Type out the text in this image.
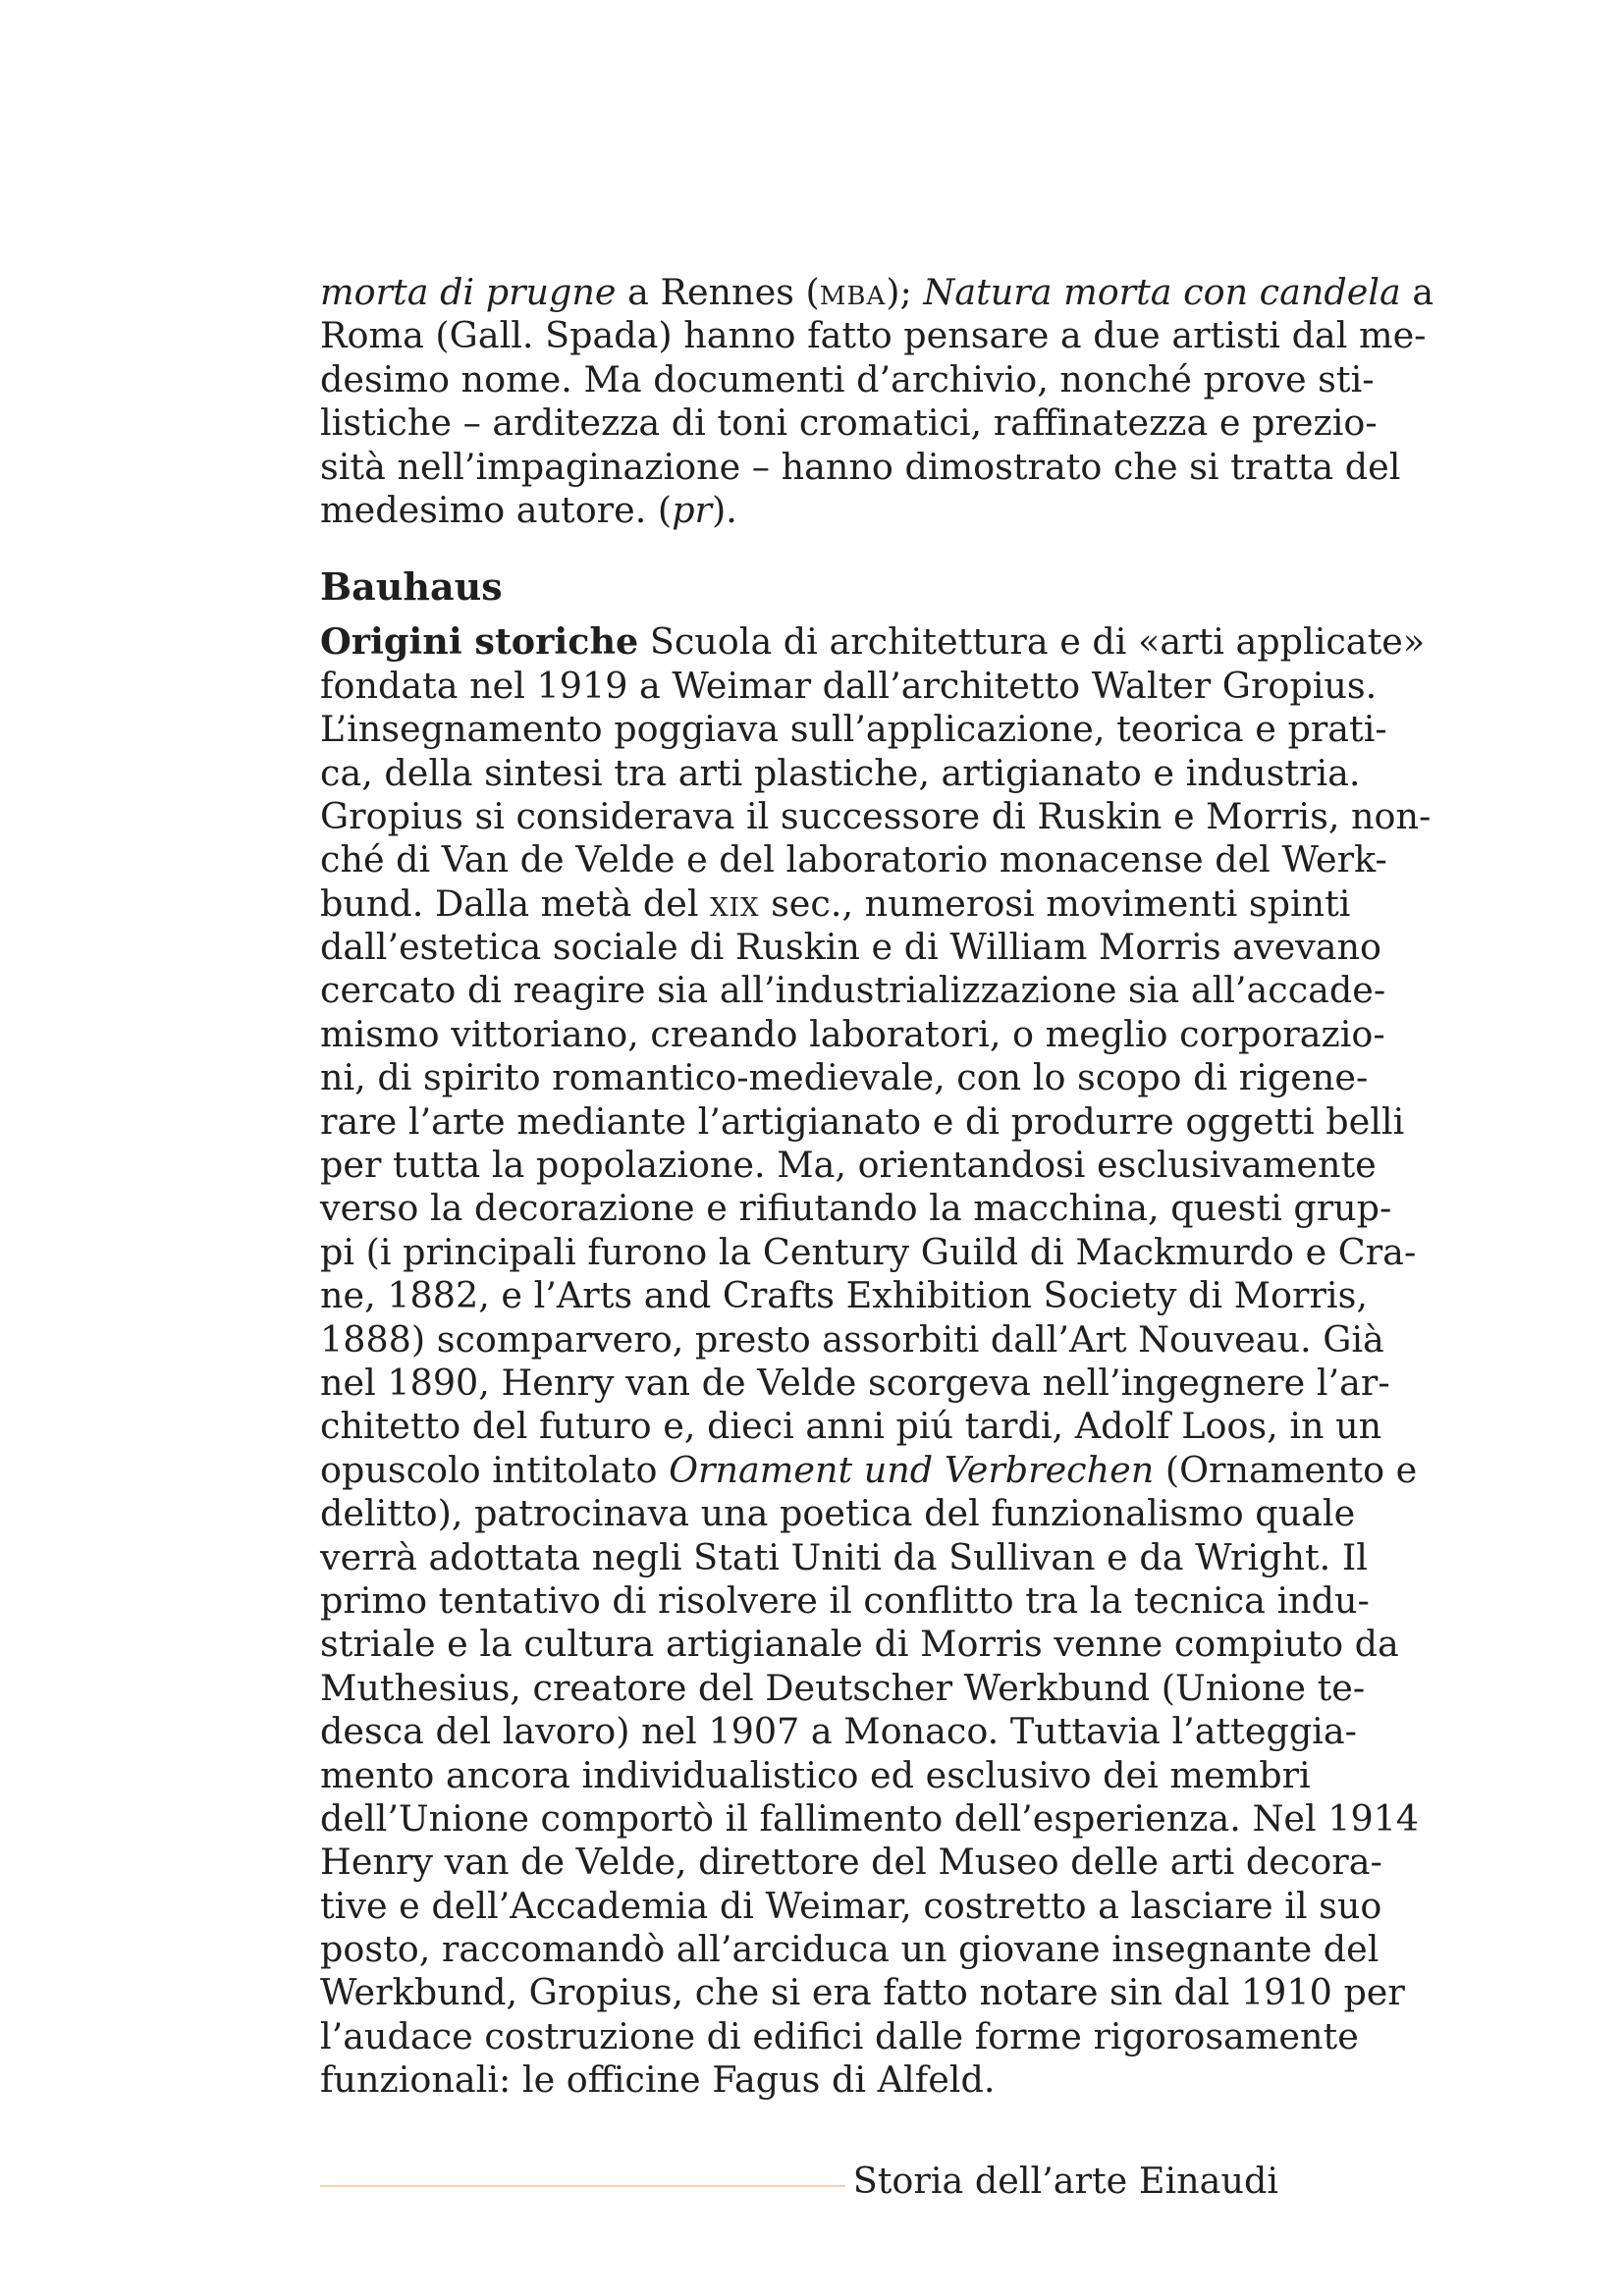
morta di prugne a Rennes (mba); Natura morta con candela a
Roma (Gall. Spada) hanno fatto pensare a due artisti dal me-
desimo nome. Ma documenti d’archivio, nonché prove sti-
listiche – arditezza di toni cromatici, raffinatezza e prezio-
sità nell’impaginazione – hanno dimostrato che si tratta del
medesimo autore. (pr).
Bauhaus
Origini storiche Scuola di architettura e di «arti applicate»
fondata nel 1919 a Weimar dall’architetto Walter Gropius.
L’insegnamento poggiava sull’applicazione, teorica e prati-
ca, della sintesi tra arti plastiche, artigianato e industria.
Gropius si considerava il successore di Ruskin e Morris, non-
ché di Van de Velde e del laboratorio monacense del Werk-
bund. Dalla metà del xix sec., numerosi movimenti spinti
dall’estetica sociale di Ruskin e di William Morris avevano
cercato di reagire sia all’industrializzazione sia all’accade-
mismo vittoriano, creando laboratori, o meglio corporazio-
ni, di spirito romantico-medievale, con lo scopo di rigene-
rare l’arte mediante l’artigianato e di produrre oggetti belli
per tutta la popolazione. Ma, orientandosi esclusivamente
verso la decorazione e rifiutando la macchina, questi grup-
pi (i principali furono la Century Guild di Mackmurdo e Cra-
ne, 1882, e l’Arts and Crafts Exhibition Society di Morris,
1888) scomparvero, presto assorbiti dall’Art Nouveau. Già
nel 1890, Henry van de Velde scorgeva nell’ingegnere l’ar-
chitetto del futuro e, dieci anni piú tardi, Adolf Loos, in un
opuscolo intitolato Ornament und Verbrechen (Ornamento e
delitto), patrocinava una poetica del funzionalismo quale
verrà adottata negli Stati Uniti da Sullivan e da Wright. Il
primo tentativo di risolvere il conflitto tra la tecnica indu-
striale e la cultura artigianale di Morris venne compiuto da
Muthesius, creatore del Deutscher Werkbund (Unione te-
desca del lavoro) nel 1907 a Monaco. Tuttavia l’atteggia-
mento ancora individualistico ed esclusivo dei membri
dell’Unione comportò il fallimento dell’esperienza. Nel 1914
Henry van de Velde, direttore del Museo delle arti decora-
tive e dell’Accademia di Weimar, costretto a lasciare il suo
posto, raccomandò all’arciduca un giovane insegnante del
Werkbund, Gropius, che si era fatto notare sin dal 1910 per
l’audace costruzione di edifici dalle forme rigorosamente
funzionali: le officine Fagus di Alfeld.
Storia dell’arte Einaudi
